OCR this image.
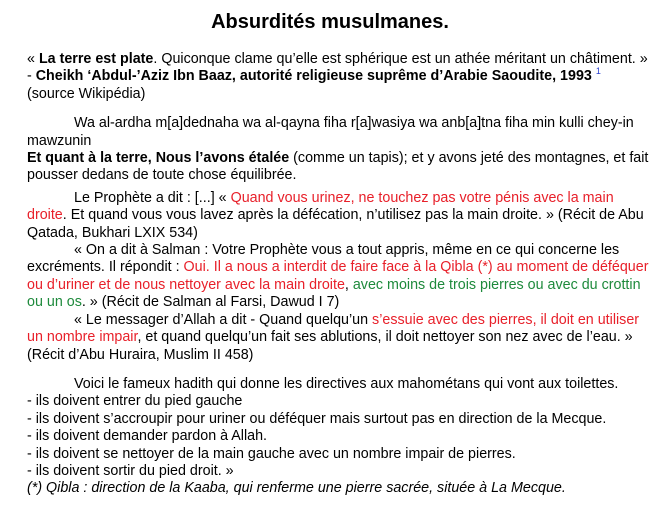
Absurdités musulmanes.

« La terre est plate. Quiconque clame qu’elle est sphérique est un athée méritant un châtiment. »

- Cheikh ‘Abdul-’Aziz Ibn Baaz, autorité religieuse suprême d’Arabie Saoudite, 1993 $^1$

(source Wikipédia)

Wa al-ardha m[a]dednaha wa al-qayna fiha r[a]wasiya wa anb[a]tna fiha min kulli chey-in mawzunin

Et quant à la terre, Nous l’avons étalée (comme un tapis); et y avons jeté des montagnes, et fait pousser dedans de toute chose équilibrée.

Le Prophète a dit : [...] « Quand vous urinez, ne touchez pas votre pénis avec la main droite. Et quand vous vous lavez après la défécation, n’utilisez pas la main droite. » (Récit de Abu Qatada, Bukhari LXIX 534)

« On a dit à Salman : Votre Prophète vous a tout appris, même en ce qui concerne les excréments. Il répondit : Oui. Il a nous a interdit de faire face à la Qibla (*) au moment de déféquer ou d’uriner et de nous nettoyer avec la main droite, avec moins de trois pierres ou avec du crottin ou un os. » (Récit de Salman al Farsi, Dawud I 7)

« Le messager d’Allah a dit - Quand quelqu’un s’essuie avec des pierres, il doit en utiliser un nombre impair, et quand quelqu’un fait ses ablutions, il doit nettoyer son nez avec de l’eau. » (Récit d’Abu Huraira, Muslim II 458)

Voici le fameux hadith qui donne les directives aux mahométans qui vont aux toilettes.

- ils doivent entrer du pied gauche

- ils doivent s’accroupir pour uriner ou déféquer mais surtout pas en direction de la Mecque.

- ils doivent demander pardon à Allah.

- ils doivent se nettoyer de la main gauche avec un nombre impair de pierres.

- ils doivent sortir du pied droit. »

(*) Qibla : direction de la Kaaba, qui renferme une pierre sacrée, située à La Mecque.
